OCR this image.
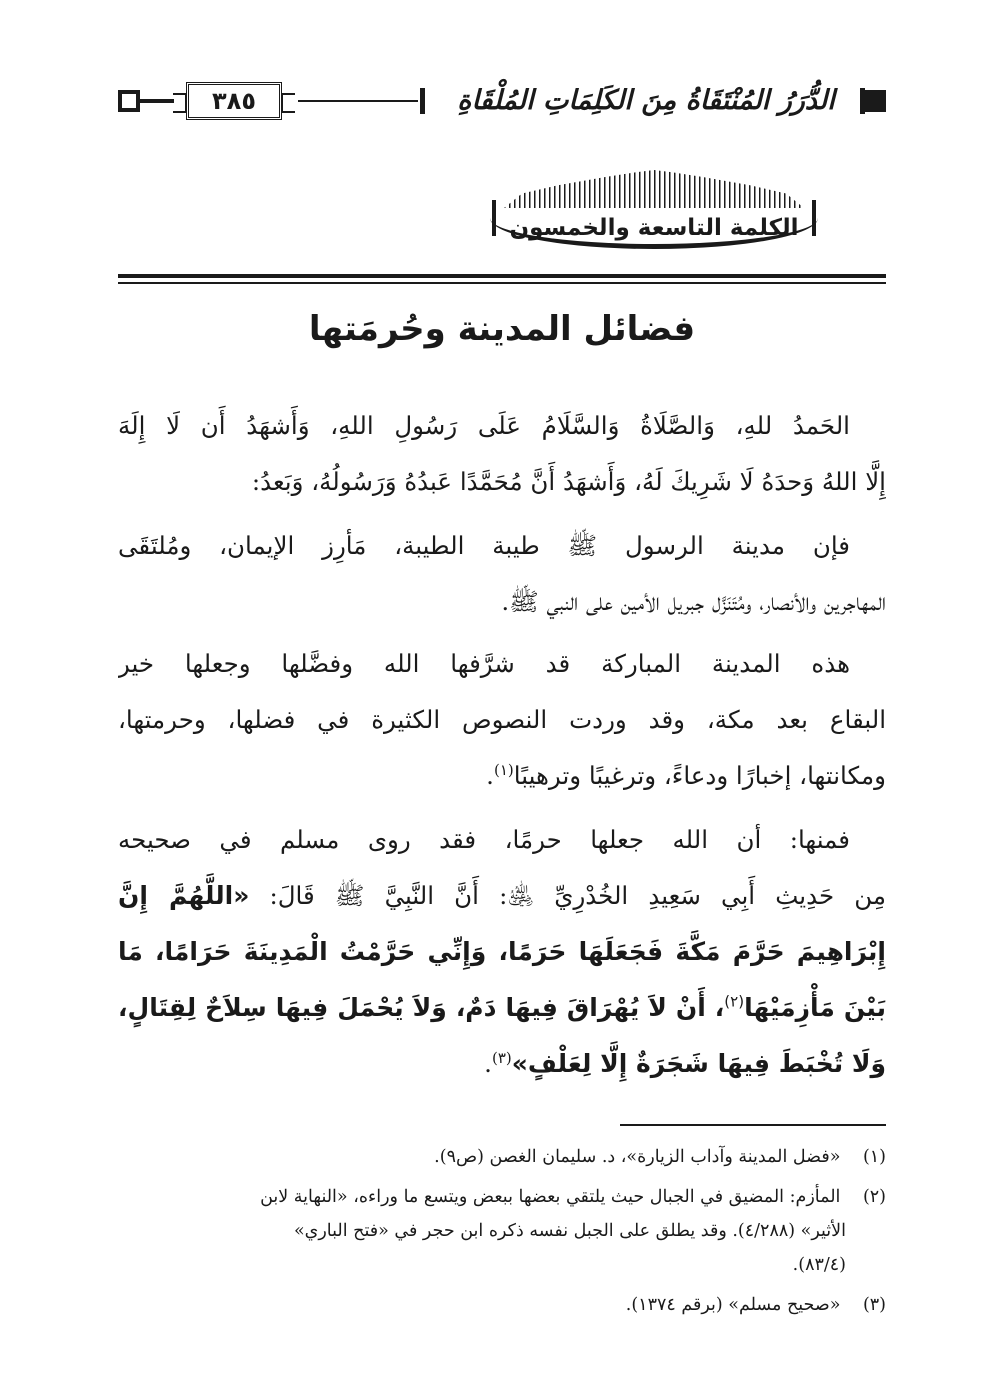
٣٨٥	الدُّرَرُ المُنْتَقَاةُ مِنَ الكَلِمَاتِ المُلْقَاةِ
الكلمة التاسعة والخمسون
فضائل المدينة وحُرمَتها
الحَمدُ للهِ، وَالصَّلَاةُ وَالسَّلَامُ عَلَى رَسُولِ اللهِ، وَأَشهَدُ أَن لَا إِلَهَ
إِلَّا اللهُ وَحدَهُ لَا شَرِيكَ لَهُ، وَأَشهَدُ أَنَّ مُحَمَّدًا عَبدُهُ وَرَسُولُهُ، وَبَعدُ:
فإن مدينة الرسول ﷺ طيبة الطيبة، مَأرِز الإيمان، ومُلتَقَى
المهاجرين والأنصار، ومُتَنَزَّل جبريل الأمين على النبي ﷺ.
هذه المدينة المباركة قد شرَّفها الله وفضَّلها وجعلها خير
البقاع بعد مكة، وقد وردت النصوص الكثيرة في فضلها، وحرمتها،
ومكانتها، إخبارًا ودعاءً، وترغيبًا وترهيبًا$^{(١)}$.
فمنها: أن الله جعلها حرمًا، فقد روى مسلم في صحيحه
مِن حَدِيثِ أَبِي سَعِيدِ الخُدْرِيِّ ﵁: أَنَّ النَّبِيَّ ﷺ قَالَ: «اللَّهُمَّ إِنَّ
إِبْرَاهِيمَ حَرَّمَ مَكَّةَ فَجَعَلَهَا حَرَمًا، وَإِنِّي حَرَّمْتُ الْمَدِينَةَ حَرَامًا، مَا
بَيْنَ مَأْزِمَيْهَا$^{(٢)}$، أَنْ لاَ يُهْرَاقَ فِيهَا دَمٌ، وَلاَ يُحْمَلَ فِيهَا سِلاَحٌ لِقِتَالٍ،
وَلَا تُخْبَطَ فِيهَا شَجَرَةٌ إِلَّا لِعَلْفٍ»$^{(٣)}$.
(١) «فضل المدينة وآداب الزيارة»، د. سليمان الغصن (ص٩).
(٢) المأزم: المضيق في الجبال حيث يلتقي بعضها ببعض ويتسع ما وراءه، «النهاية لابن
الأثير» (٤/٢٨٨). وقد يطلق على الجبل نفسه ذكره ابن حجر في «فتح الباري»
(٨٣/٤).
(٣) «صحيح مسلم» (برقم ١٣٧٤).
